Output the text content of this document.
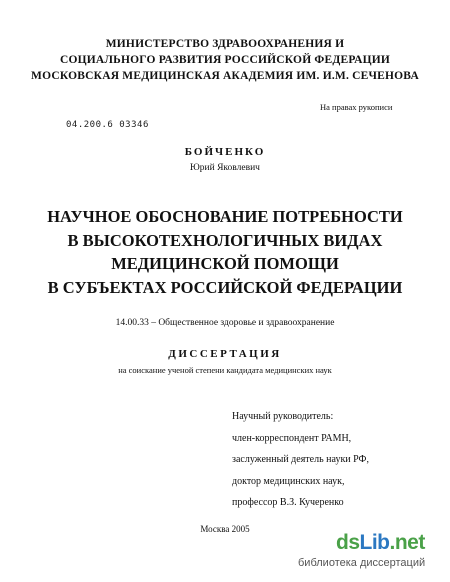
МИНИСТЕРСТВО ЗДРАВООХРАНЕНИЯ И
СОЦИАЛЬНОГО РАЗВИТИЯ РОССИЙСКОЙ ФЕДЕРАЦИИ
МОСКОВСКАЯ МЕДИЦИНСКАЯ АКАДЕМИЯ ИМ. И.М. СЕЧЕНОВА
На правах рукописи
04.200.6 03346
БОЙЧЕНКО
Юрий Яковлевич
НАУЧНОЕ ОБОСНОВАНИЕ ПОТРЕБНОСТИ
В ВЫСОКОТЕХНОЛОГИЧНЫХ ВИДАХ
МЕДИЦИНСКОЙ ПОМОЩИ
В СУБЪЕКТАХ РОССИЙСКОЙ ФЕДЕРАЦИИ
14.00.33 – Общественное здоровье и здравоохранение
ДИССЕРТАЦИЯ
на соискание ученой степени кандидата медицинских наук
Научный руководитель:
член-корреспондент РАМН,
заслуженный деятель науки РФ,
доктор медицинских наук,
профессор В.З. Кучеренко
Москва 2005
dsLib.net
библиотека диссертаций
